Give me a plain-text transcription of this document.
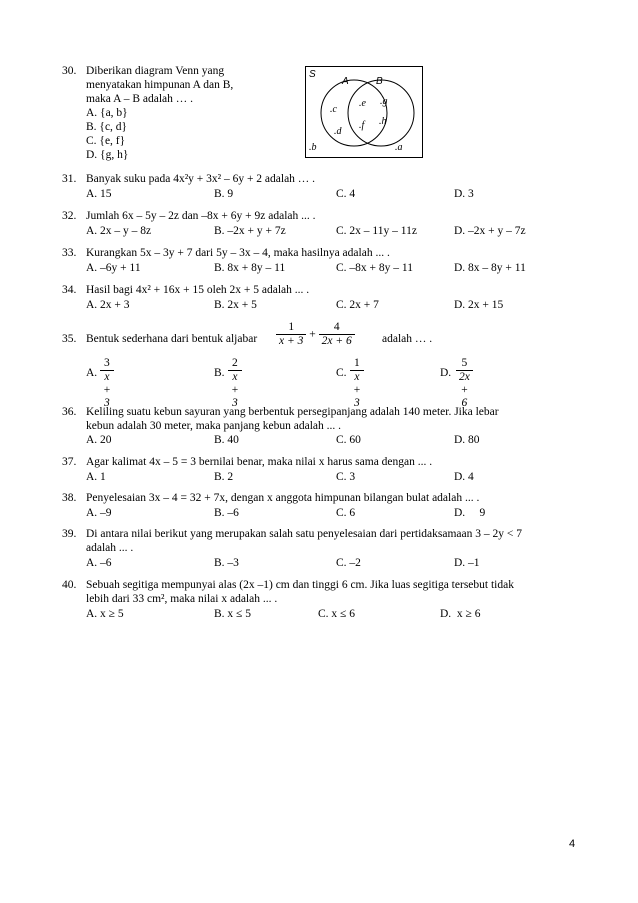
30. Diberikan diagram Venn yang
menyatakan himpunan A dan B,
maka A – B adalah … .
A. {a, b}
B. {c, d}
C. {e, f}
D. {g, h}
S
A	B
.c
.d
.e
.f
.g
.h
.b	.a
31. Banyak suku pada 4x²y + 3x² – 6y + 2 adalah … .
A. 15	B. 9	C. 4	D. 3
32. Jumlah 6x – 5y – 2z dan –8x + 6y + 9z adalah ... .
A. 2x – y – 8z	B. –2x + y + 7z	C. 2x – 11y – 11z	D. –2x + y – 7z
33. Kurangkan 5x – 3y + 7 dari 5y – 3x – 4, maka hasilnya adalah ... .
A. –6y + 11	B. 8x + 8y – 11	C. –8x + 8y – 11	D. 8x – 8y + 11
34. Hasil bagi 4x² + 16x + 15 oleh 2x + 5 adalah ... .
A. 2x + 3	B. 2x + 5	C. 2x + 7	D. 2x + 15
35. Bentuk sederhana dari bentuk aljabar $\frac{1}{x + 3} + \frac{4}{2x + 6}$ adalah … .
A. $\frac{3}{x + 3}$	B. $\frac{2}{x + 3}$	C. $\frac{1}{x + 3}$	D. $\frac{5}{2x + 6}$
36. Keliling suatu kebun sayuran yang berbentuk persegipanjang adalah 140 meter. Jika lebar
kebun adalah 30 meter, maka panjang kebun adalah ... .
A. 20	B. 40	C. 60	D. 80
37. Agar kalimat 4x – 5 = 3 bernilai benar, maka nilai x harus sama dengan ... .
A. 1	B. 2	C. 3	D. 4
38. Penyelesaian 3x – 4 = 32 + 7x, dengan x anggota himpunan bilangan bulat adalah ... .
A. –9	B. –6	C. 6	D.     9
39. Di antara nilai berikut yang merupakan salah satu penyelesaian dari pertidaksamaan 3 – 2y < 7
adalah ... .
A. –6	B. –3	C. –2	D. –1
40. Sebuah segitiga mempunyai alas (2x –1) cm dan tinggi 6 cm. Jika luas segitiga tersebut tidak
lebih dari 33 cm², maka nilai x adalah ... .
A. x ≥ 5	B. x ≤ 5	C. x ≤ 6	D.  x ≥ 6
4
